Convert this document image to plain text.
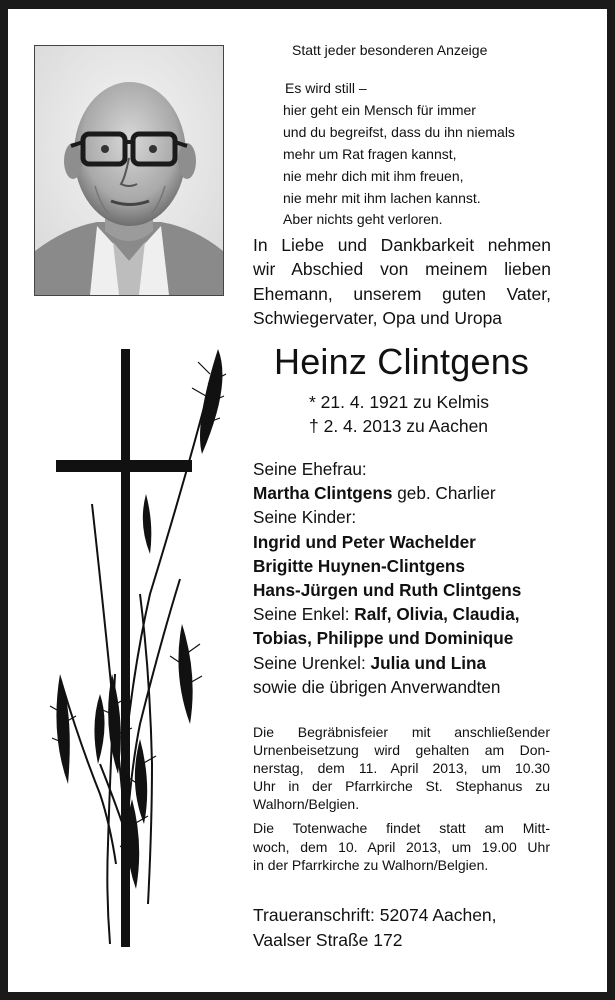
Statt jeder besonderen Anzeige
Es wird still –
hier geht ein Mensch für immer
und du begreifst, dass du ihn niemals
mehr um Rat fragen kannst,
nie mehr dich mit ihm freuen,
nie mehr mit ihm lachen kannst.
Aber nichts geht verloren.
In Liebe und Dankbarkeit nehmen
wir Abschied von meinem lieben
Ehemann, unserem guten Vater,
Schwiegervater, Opa und Uropa
Heinz Clintgens
* 21. 4. 1921 zu Kelmis
† 2. 4. 2013 zu Aachen
Seine Ehefrau:
Martha Clintgens geb. Charlier
Seine Kinder:
Ingrid und Peter Wachelder
Brigitte Huynen-Clintgens
Hans-Jürgen und Ruth Clintgens
Seine Enkel: Ralf, Olivia, Claudia,
Tobias, Philippe und Dominique
Seine Urenkel: Julia und Lina
sowie die übrigen Anverwandten
Die Begräbnisfeier mit anschließender
Urnenbeisetzung wird gehalten am Don-
nerstag, dem 11. April 2013, um 10.30
Uhr in der Pfarrkirche St. Stephanus zu
Walhorn/Belgien.
Die Totenwache findet statt am Mitt-
woch, dem 10. April 2013, um 19.00 Uhr
in der Pfarrkirche zu Walhorn/Belgien.
Traueranschrift: 52074 Aachen,
Vaalser Straße 172
